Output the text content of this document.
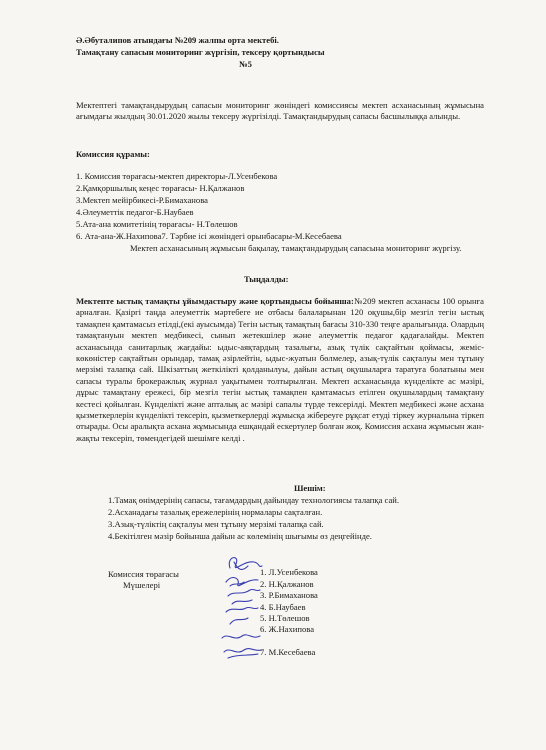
Ә.Әбуталипов атындағы №209 жалпы орта мектебі.
Тамақтану сапасын мониторинг жүргізіп, тексеру қортындысы
№5
Мектептегі тамақтандырудың сапасын мониторинг жөніндегі комиссиясы мектеп асханасының жұмысына ағымдағы жылдың 30.01.2020 жылы тексеру жүргізілді. Тамақтандырудың сапасы басшылыққа алынды.
Комиссия құрамы:
1. Комиссия төрағасы-мектеп директоры-Л.Усенбекова
2.Қамқоршылық кеңес төрағасы- Н.Қалжанов
3.Мектеп мейірбикесі-Р.Бимаханова
4.Әлеуметтік педагог-Б.Наубаев
5.Ата-ана комитетінің төрағасы- Н.Төлешов
6. Ата-ана-Ж.Нахипова7. Тәрбие ісі жөніндегі орынбасары-М.Кесебаева
Мектеп асханасының жұмысын бақылау, тамақтандырудың сапасына мониторинг жүргізу.
Тыңдалды:
Мектепте ыстық тамақты ұйымдастыру және қортындысы бойынша:№209 мектеп асханасы 100 орынға арналған. Қазіргі таңда әлеуметтік мәртебеге ие отбасы балаларынан 120 оқушы,бір мезгіл тегін ыстық тамақпен қамтамасыз етілді,(екі ауысымда) Тегін ыстық тамақтың бағасы 310-330 теңге аралығында. Олардың тамақтануын мектеп медбикесі, сынып жетекшілер және әлеуметтік педагог қадағалайды. Мектеп асханасында санитарлық жағдайы: ыдыс-аяқтардың тазалығы, азық түлік сақтайтын қоймасы, жеміс-көкөністер сақтайтын орындар, тамақ әзірлейтін, ыдыс-жуатын бөлмелер, азық-түлік сақталуы мен тұтыну мерзімі талапқа сай. Шкізаттың жеткілікті қолданылуы, дайын астың оқушыларға таратуға болатыны мен сапасы туралы брокеражлық журнал уақытымен толтырылған. Мектеп асханасында күнделікте ас мәзірі, дұрыс тамақтану ережесі, бір мезгіл тегін ыстық тамақпен қамтамасыз етілген оқушылардың тамақтану кестесі қойылған. Күнделікті және апталық ас мәзірі сапалы түрде тексерілді. Мектеп медбикесі және асхана қызметкерлерін күнделікті тексеріп, қызметкерлерді жұмысқа жібереуге рұқсат етуді тіркеу журналына тіркеп отырады. Осы аралықта асхана жұмысында ешқандай ескертулер болған жоқ. Комиссия асхана жұмысын жан-жақты тексеріп, төмендегідей шешімге келді .
Шешім:
1.Тамақ өнімдерінің сапасы, тағамдардың дайындау технологиясы талапқа сай.
2.Асханадағы тазалық ережелерінің нормалары сақталған.
3.Азық-түліктің сақталуы мен тұтыну мерзімі талапқа сай.
4.Бекітілген мәзір бойынша дайын ас көлемінің шығымы өз деңгейінде.
Комиссия төрағасы
Мүшелері
1. Л.Усенбекова
2. Н.Қалжанов
3. Р.Бимаханова
4. Б.Наубаев
5. Н.Төлешов
6. Ж.Нахипова
7. М.Кесебаева
